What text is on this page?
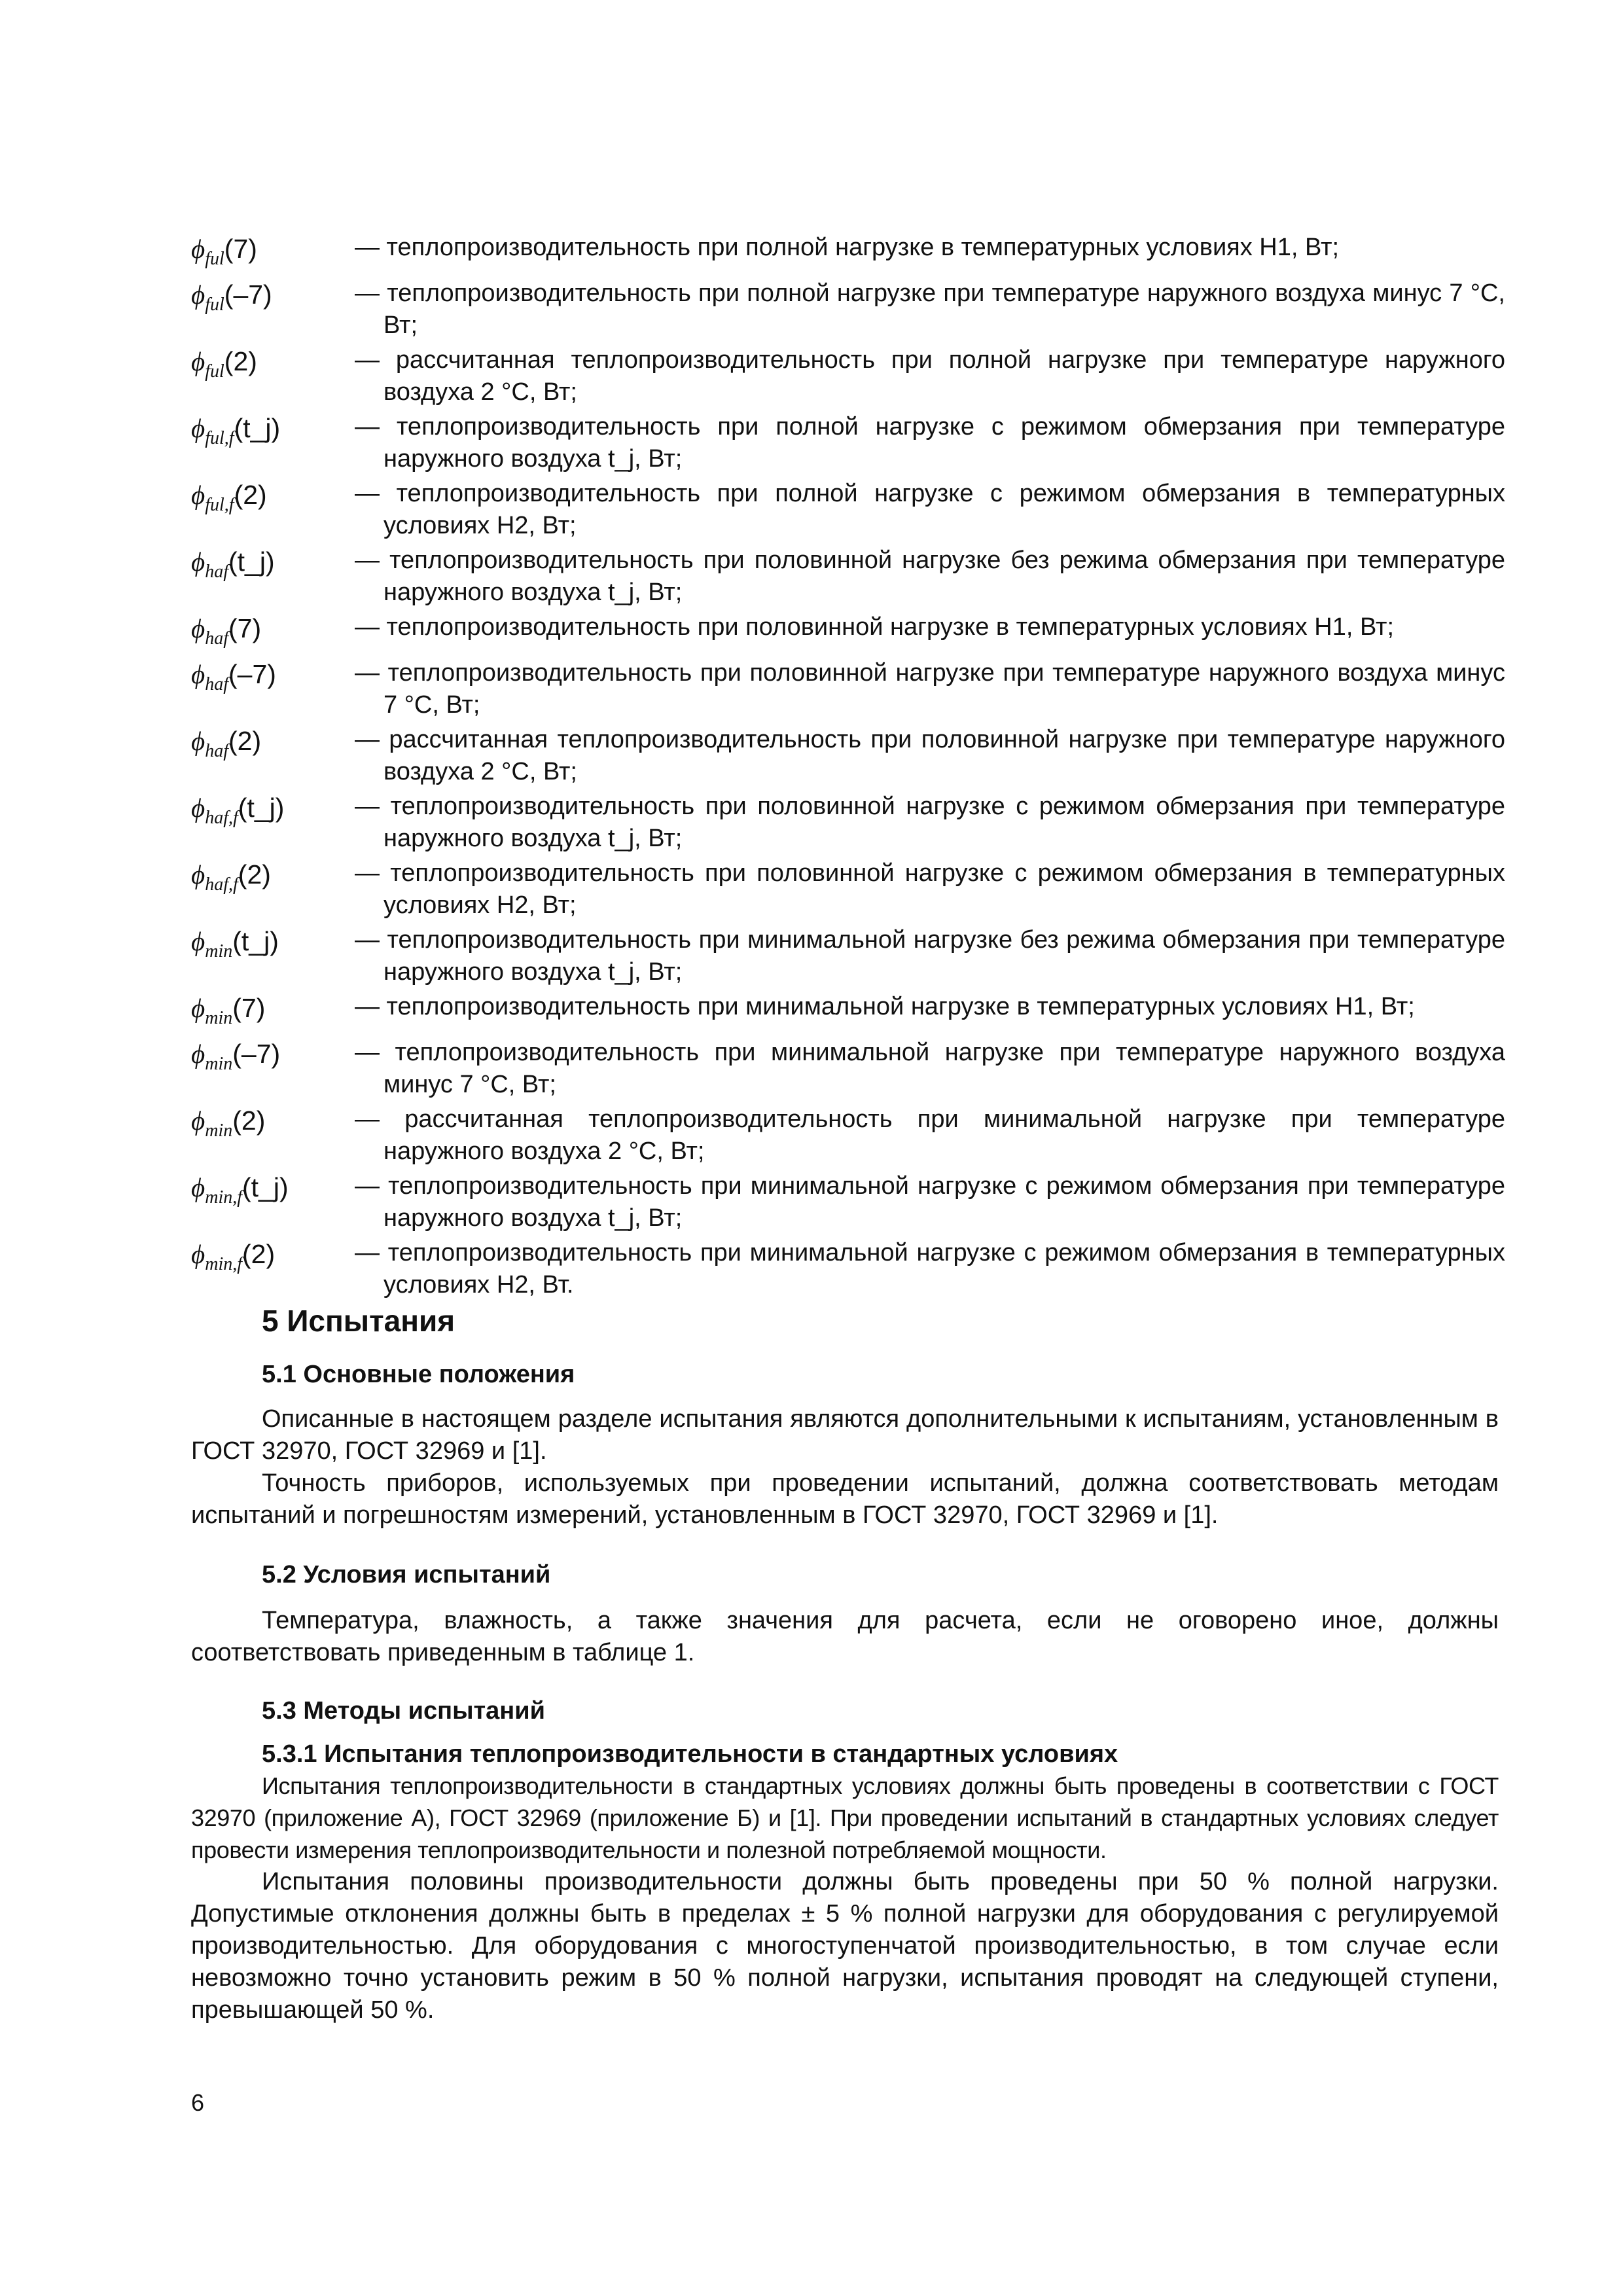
$\phi_{ful}(7)$	— теплопроизводительность при полной нагрузке в температурных условиях Н1, Вт;
$\phi_{ful}(-7)$	— теплопроизводительность при полной нагрузке при температуре наружного воздуха минус 7 °С, Вт;
$\phi_{ful}(2)$	— рассчитанная теплопроизводительность при полной нагрузке при температуре наружного воздуха 2 °С, Вт;
$\phi_{ful,f}(t\_j)$	— теплопроизводительность при полной нагрузке с режимом обмерзания при температуре наружного воздуха t_j, Вт;
$\phi_{ful,f}(2)$	— теплопроизводительность при полной нагрузке с режимом обмерзания в температурных условиях Н2, Вт;
$\phi_{haf}(t\_j)$	— теплопроизводительность при половинной нагрузке без режима обмерзания при температуре наружного воздуха t_j, Вт;
$\phi_{haf}(7)$	— теплопроизводительность при половинной нагрузке в температурных условиях Н1, Вт;
$\phi_{haf}(-7)$	— теплопроизводительность при половинной нагрузке при температуре наружного воздуха минус 7 °С, Вт;
$\phi_{haf}(2)$	— рассчитанная теплопроизводительность при половинной нагрузке при температуре наружного воздуха 2 °С, Вт;
$\phi_{haf,f}(t\_j)$	— теплопроизводительность при половинной нагрузке с режимом обмерзания при температуре наружного воздуха t_j, Вт;
$\phi_{haf,f}(2)$	— теплопроизводительность при половинной нагрузке с режимом обмерзания в температурных условиях Н2, Вт;
$\phi_{min}(t\_j)$	— теплопроизводительность при минимальной нагрузке без режима обмерзания при температуре наружного воздуха t_j, Вт;
$\phi_{min}(7)$	— теплопроизводительность при минимальной нагрузке в температурных условиях Н1, Вт;
$\phi_{min}(-7)$	— теплопроизводительность при минимальной нагрузке при температуре наружного воздуха минус 7 °С, Вт;
$\phi_{min}(2)$	— рассчитанная теплопроизводительность при минимальной нагрузке при температуре наружного воздуха 2 °С, Вт;
$\phi_{min,f}(t\_j)$	— теплопроизводительность при минимальной нагрузке с режимом обмерзания при температуре наружного воздуха t_j, Вт;
$\phi_{min,f}(2)$	— теплопроизводительность при минимальной нагрузке с режимом обмерзания в температурных условиях Н2, Вт.
5 Испытания
5.1 Основные положения

Описанные в настоящем разделе испытания являются дополнительными к испытаниям, установленным в ГОСТ 32970, ГОСТ 32969 и [1].

Точность приборов, используемых при проведении испытаний, должна соответствовать методам испытаний и погрешностям измерений, установленным в ГОСТ 32970, ГОСТ 32969 и [1].

5.2 Условия испытаний

Температура, влажность, а также значения для расчета, если не оговорено иное, должны соответствовать приведенным в таблице 1.

5.3 Методы испытаний
5.3.1 Испытания теплопроизводительности в стандартных условиях

Испытания теплопроизводительности в стандартных условиях должны быть проведены в соответствии с ГОСТ 32970 (приложение А), ГОСТ 32969 (приложение Б) и [1]. При проведении испытаний в стандартных условиях следует провести измерения теплопроизводительности и полезной потребляемой мощности.

Испытания половины производительности должны быть проведены при 50 % полной нагрузки. Допустимые отклонения должны быть в пределах ± 5 % полной нагрузки для оборудования с регулируемой производительностью. Для оборудования с многоступенчатой производительностью, в том случае если невозможно точно установить режим в 50 % полной нагрузки, испытания проводят на следующей ступени, превышающей 50 %.

6
